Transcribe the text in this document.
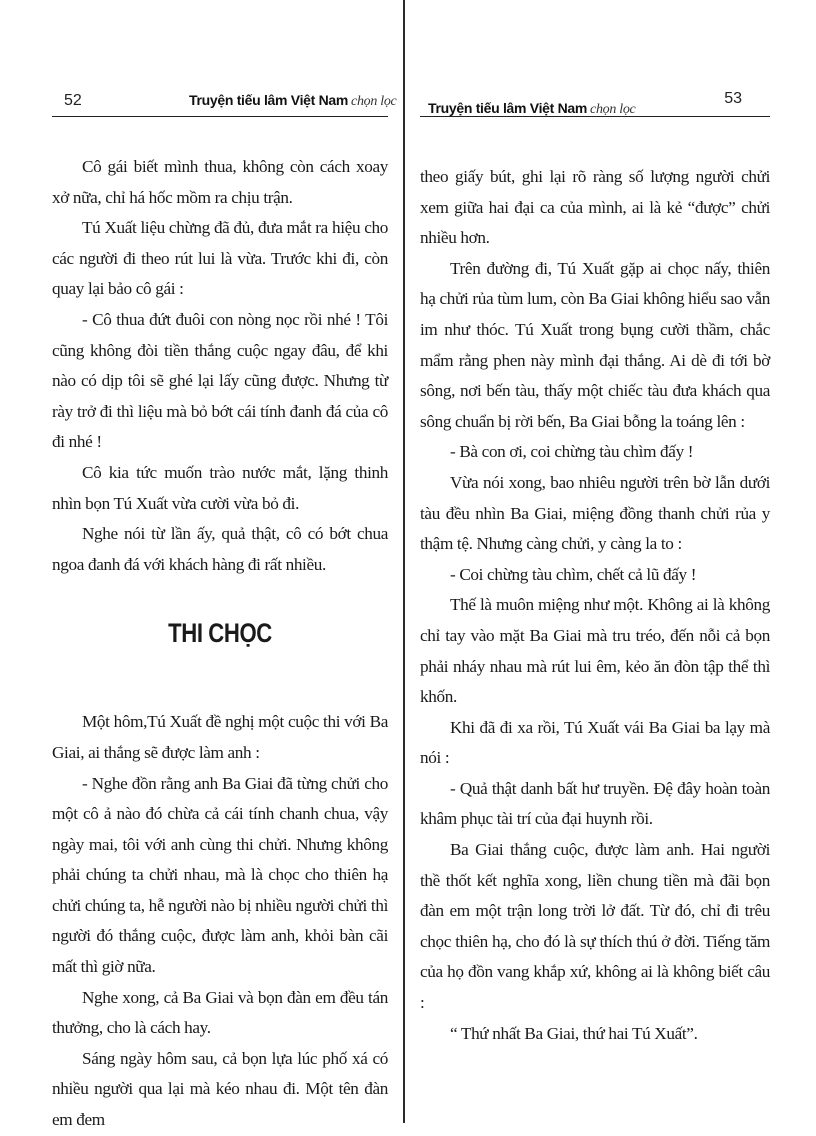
52	Truyện tiếu lâm Việt Nam chọn lọc

Cô gái biết mình thua, không còn cách xoay xở nữa, chỉ há hốc mồm ra chịu trận.

Tú Xuất liệu chừng đã đủ, đưa mắt ra hiệu cho các người đi theo rút lui là vừa. Trước khi đi, còn quay lại bảo cô gái :

- Cô thua đứt đuôi con nòng nọc rồi nhé ! Tôi cũng không đòi tiền thắng cuộc ngay đâu, để khi nào có dịp tôi sẽ ghé lại lấy cũng được. Nhưng từ rày trở đi thì liệu mà bỏ bớt cái tính đanh đá của cô đi nhé !

Cô kia tức muốn trào nước mắt, lặng thinh nhìn bọn Tú Xuất vừa cười vừa bỏ đi.

Nghe nói từ lần ấy, quả thật, cô có bớt chua ngoa đanh đá với khách hàng đi rất nhiều.

THI CHỌC

Một hôm,Tú Xuất đề nghị một cuộc thi với Ba Giai, ai thắng sẽ được làm anh :

- Nghe đồn rằng anh Ba Giai đã từng chửi cho một cô ả nào đó chừa cả cái tính chanh chua, vậy ngày mai, tôi với anh cùng thi chửi. Nhưng không phải chúng ta chửi nhau, mà là chọc cho thiên hạ chửi chúng ta, hễ người nào bị nhiều người chửi thì người đó thắng cuộc, được làm anh, khỏi bàn cãi mất thì giờ nữa.

Nghe xong, cả Ba Giai và bọn đàn em đều tán thưởng, cho là cách hay.

Sáng ngày hôm sau, cả bọn lựa lúc phố xá có nhiều người qua lại mà kéo nhau đi. Một tên đàn em đem

Truyện tiếu lâm Việt Nam chọn lọc
53

theo giấy bút, ghi lại rõ ràng số lượng người chửi xem giữa hai đại ca của mình, ai là kẻ “được” chửi nhiều hơn.

Trên đường đi, Tú Xuất gặp ai chọc nấy, thiên hạ chửi rủa tùm lum, còn Ba Giai không hiểu sao vẫn im như thóc. Tú Xuất trong bụng cười thầm, chắc mẩm rằng phen này mình đại thắng. Ai dè đi tới bờ sông, nơi bến tàu, thấy một chiếc tàu đưa khách qua sông chuẩn bị rời bến, Ba Giai bỗng la toáng lên :

- Bà con ơi, coi chừng tàu chìm đấy !

Vừa nói xong, bao nhiêu người trên bờ lẫn dưới tàu đều nhìn Ba Giai, miệng đồng thanh chửi rủa y thậm tệ. Nhưng càng chửi, y càng la to :

- Coi chừng tàu chìm, chết cả lũ đấy !

Thế là muôn miệng như một. Không ai là không chỉ tay vào mặt Ba Giai mà tru tréo, đến nỗi cả bọn phải nháy nhau mà rút lui êm, kẻo ăn đòn tập thể thì khốn.

Khi đã đi xa rồi, Tú Xuất vái Ba Giai ba lạy mà nói :

- Quả thật danh bất hư truyền. Đệ đây hoàn toàn khâm phục tài trí của đại huynh rồi.

Ba Giai thắng cuộc, được làm anh. Hai người thề thốt kết nghĩa xong, liền chung tiền mà đãi bọn đàn em một trận long trời lở đất. Từ đó, chỉ đi trêu chọc thiên hạ, cho đó là sự thích thú ở đời. Tiếng tăm của họ đồn vang khắp xứ, không ai là không biết câu :

“ Thứ nhất Ba Giai, thứ hai Tú Xuất”.
